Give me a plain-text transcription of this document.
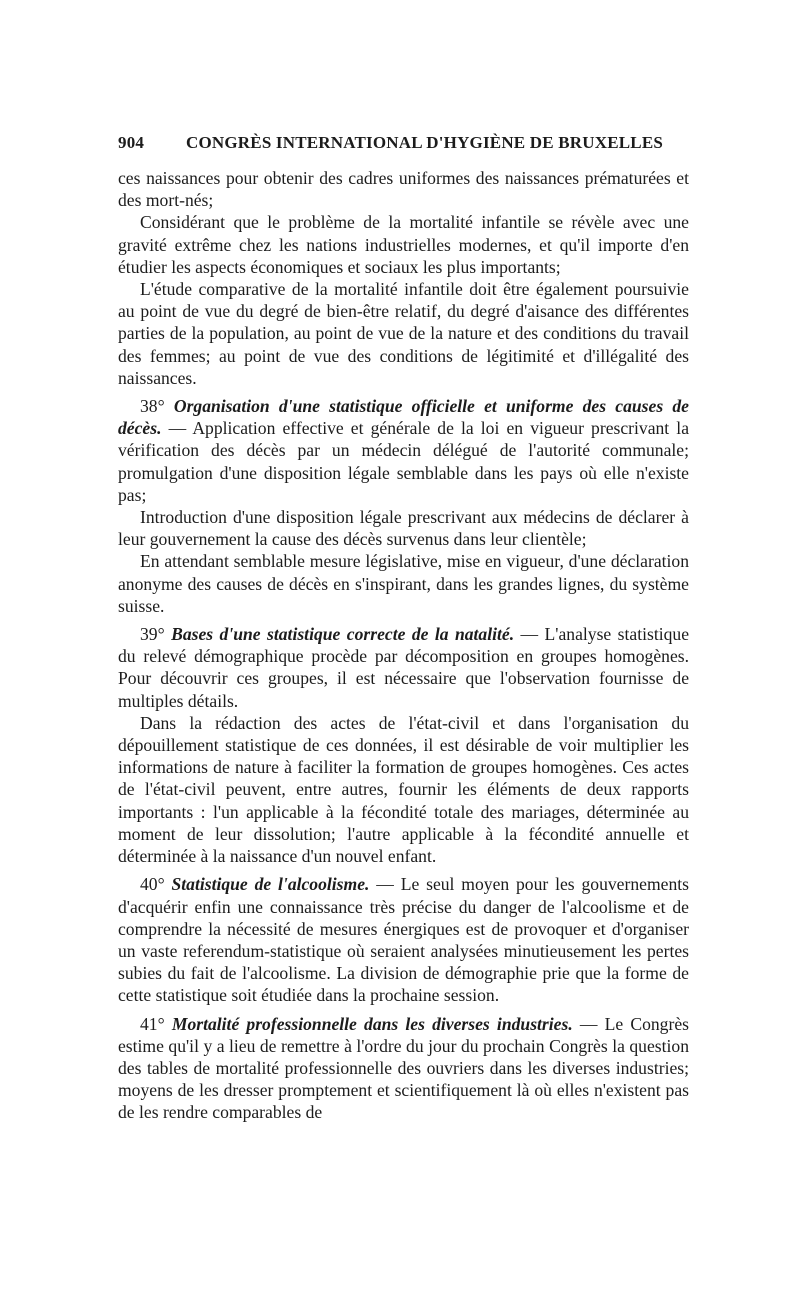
904	CONGRÈS INTERNATIONAL D'HYGIÈNE DE BRUXELLES

ces naissances pour obtenir des cadres uniformes des naissances prématurées et des mort-nés;

Considérant que le problème de la mortalité infantile se révèle avec une gravité extrême chez les nations industrielles modernes, et qu'il importe d'en étudier les aspects économiques et sociaux les plus importants;

L'étude comparative de la mortalité infantile doit être également poursuivie au point de vue du degré de bien-être relatif, du degré d'aisance des différentes parties de la population, au point de vue de la nature et des conditions du travail des femmes; au point de vue des conditions de légitimité et d'illégalité des naissances.

38° Organisation d'une statistique officielle et uniforme des causes de décès. — Application effective et générale de la loi en vigueur prescrivant la vérification des décès par un médecin délégué de l'autorité communale; promulgation d'une disposition légale semblable dans les pays où elle n'existe pas;

Introduction d'une disposition légale prescrivant aux médecins de déclarer à leur gouvernement la cause des décès survenus dans leur clientèle;

En attendant semblable mesure législative, mise en vigueur, d'une déclaration anonyme des causes de décès en s'inspirant, dans les grandes lignes, du système suisse.

39° Bases d'une statistique correcte de la natalité. — L'analyse statistique du relevé démographique procède par décomposition en groupes homogènes. Pour découvrir ces groupes, il est nécessaire que l'observation fournisse de multiples détails.

Dans la rédaction des actes de l'état-civil et dans l'organisation du dépouillement statistique de ces données, il est désirable de voir multiplier les informations de nature à faciliter la formation de groupes homogènes. Ces actes de l'état-civil peuvent, entre autres, fournir les éléments de deux rapports importants : l'un applicable à la fécondité totale des mariages, déterminée au moment de leur dissolution; l'autre applicable à la fécondité annuelle et déterminée à la naissance d'un nouvel enfant.

40° Statistique de l'alcoolisme. — Le seul moyen pour les gouvernements d'acquérir enfin une connaissance très précise du danger de l'alcoolisme et de comprendre la nécessité de mesures énergiques est de provoquer et d'organiser un vaste referendum-statistique où seraient analysées minutieusement les pertes subies du fait de l'alcoolisme. La division de démographie prie que la forme de cette statistique soit étudiée dans la prochaine session.

41° Mortalité professionnelle dans les diverses industries. — Le Congrès estime qu'il y a lieu de remettre à l'ordre du jour du prochain Congrès la question des tables de mortalité professionnelle des ouvriers dans les diverses industries; moyens de les dresser promptement et scientifiquement là où elles n'existent pas de les rendre comparables de
